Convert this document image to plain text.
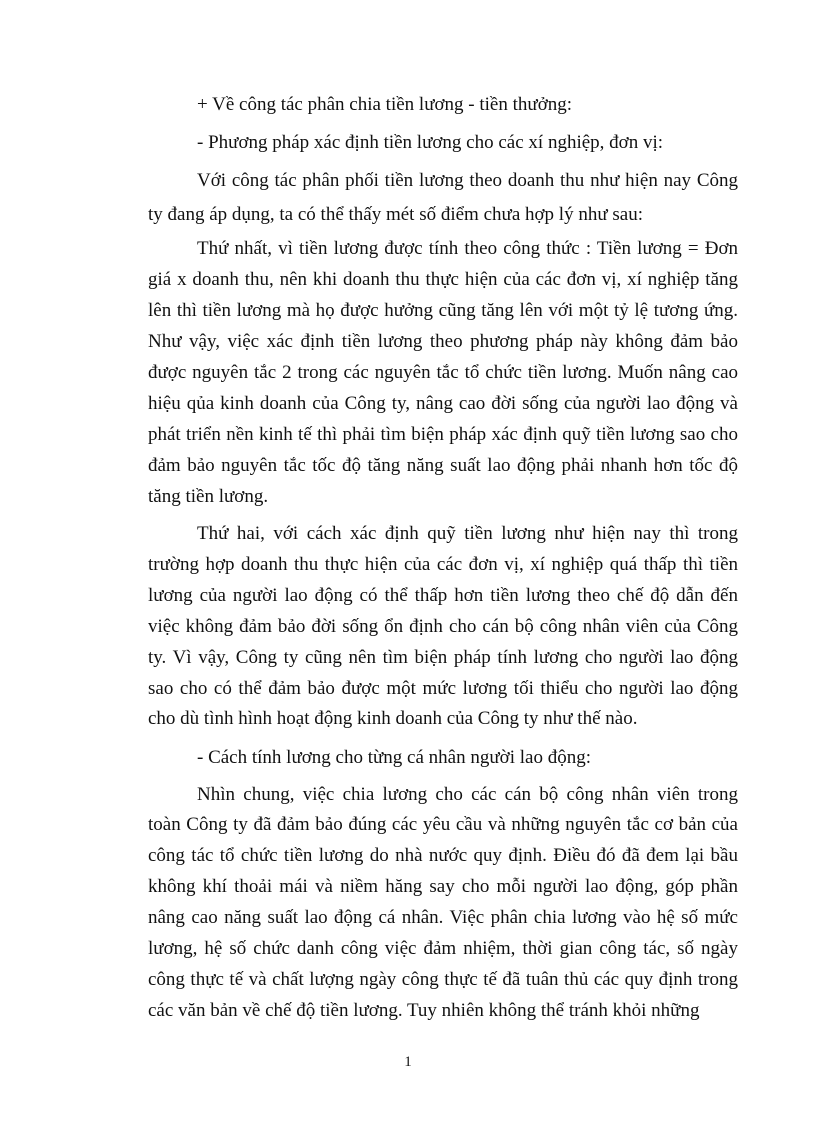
+ Về công tác phân chia tiền lương - tiền thưởng:
- Phương pháp xác định tiền lương cho các xí nghiệp, đơn vị:
Với công tác phân phối tiền lương theo doanh thu như hiện nay Công
ty đang áp dụng, ta có thể thấy mét số điểm chưa hợp lý như sau:
Thứ nhất, vì tiền lương được tính theo công thức : Tiền lương = Đơn
giá x doanh thu, nên khi doanh thu thực hiện của các đơn vị, xí nghiệp tăng
lên thì tiền lương mà họ được hưởng cũng tăng lên với một tỷ lệ tương ứng.
Như vậy, việc xác định tiền lương theo phương pháp này không đảm bảo
được nguyên tắc 2 trong các nguyên tắc tổ chức tiền lương. Muốn nâng cao
hiệu qủa kinh doanh của Công ty, nâng cao đời sống của người lao động và
phát triển nền kinh tế thì phải tìm biện pháp xác định quỹ tiền lương sao cho
đảm bảo nguyên tắc tốc độ tăng năng suất lao động phải nhanh hơn tốc độ
tăng tiền lương.
Thứ hai, với cách xác định quỹ tiền lương như hiện nay thì trong
trường hợp doanh thu thực hiện của các đơn vị, xí nghiệp quá thấp thì tiền
lương của người lao động có thể thấp hơn tiền lương theo chế độ dẫn đến
việc không đảm bảo đời sống ổn định cho cán bộ công nhân viên của Công
ty. Vì vậy, Công ty cũng nên tìm biện pháp tính lương cho người lao động
sao cho có thể đảm bảo được một mức lương tối thiểu cho người lao động
cho dù tình hình hoạt động kinh doanh của Công ty như thế nào.
- Cách tính lương cho từng cá nhân người lao động:
Nhìn chung, việc chia lương cho các cán bộ công nhân viên trong
toàn Công ty đã đảm bảo đúng các yêu cầu và những nguyên tắc cơ bản của
công tác tổ chức tiền lương do nhà nước quy định. Điều đó đã đem lại bầu
không khí thoải mái và niềm hăng say cho mỗi người lao động, góp phần
nâng cao năng suất lao động cá nhân. Việc phân chia lương vào hệ số mức
lương, hệ số chức danh công việc đảm nhiệm, thời gian công tác, số ngày
công thực tế và chất lượng ngày công thực tế đã tuân thủ các quy định trong
các văn bản về chế độ tiền lương. Tuy nhiên không thể tránh khỏi những
1
